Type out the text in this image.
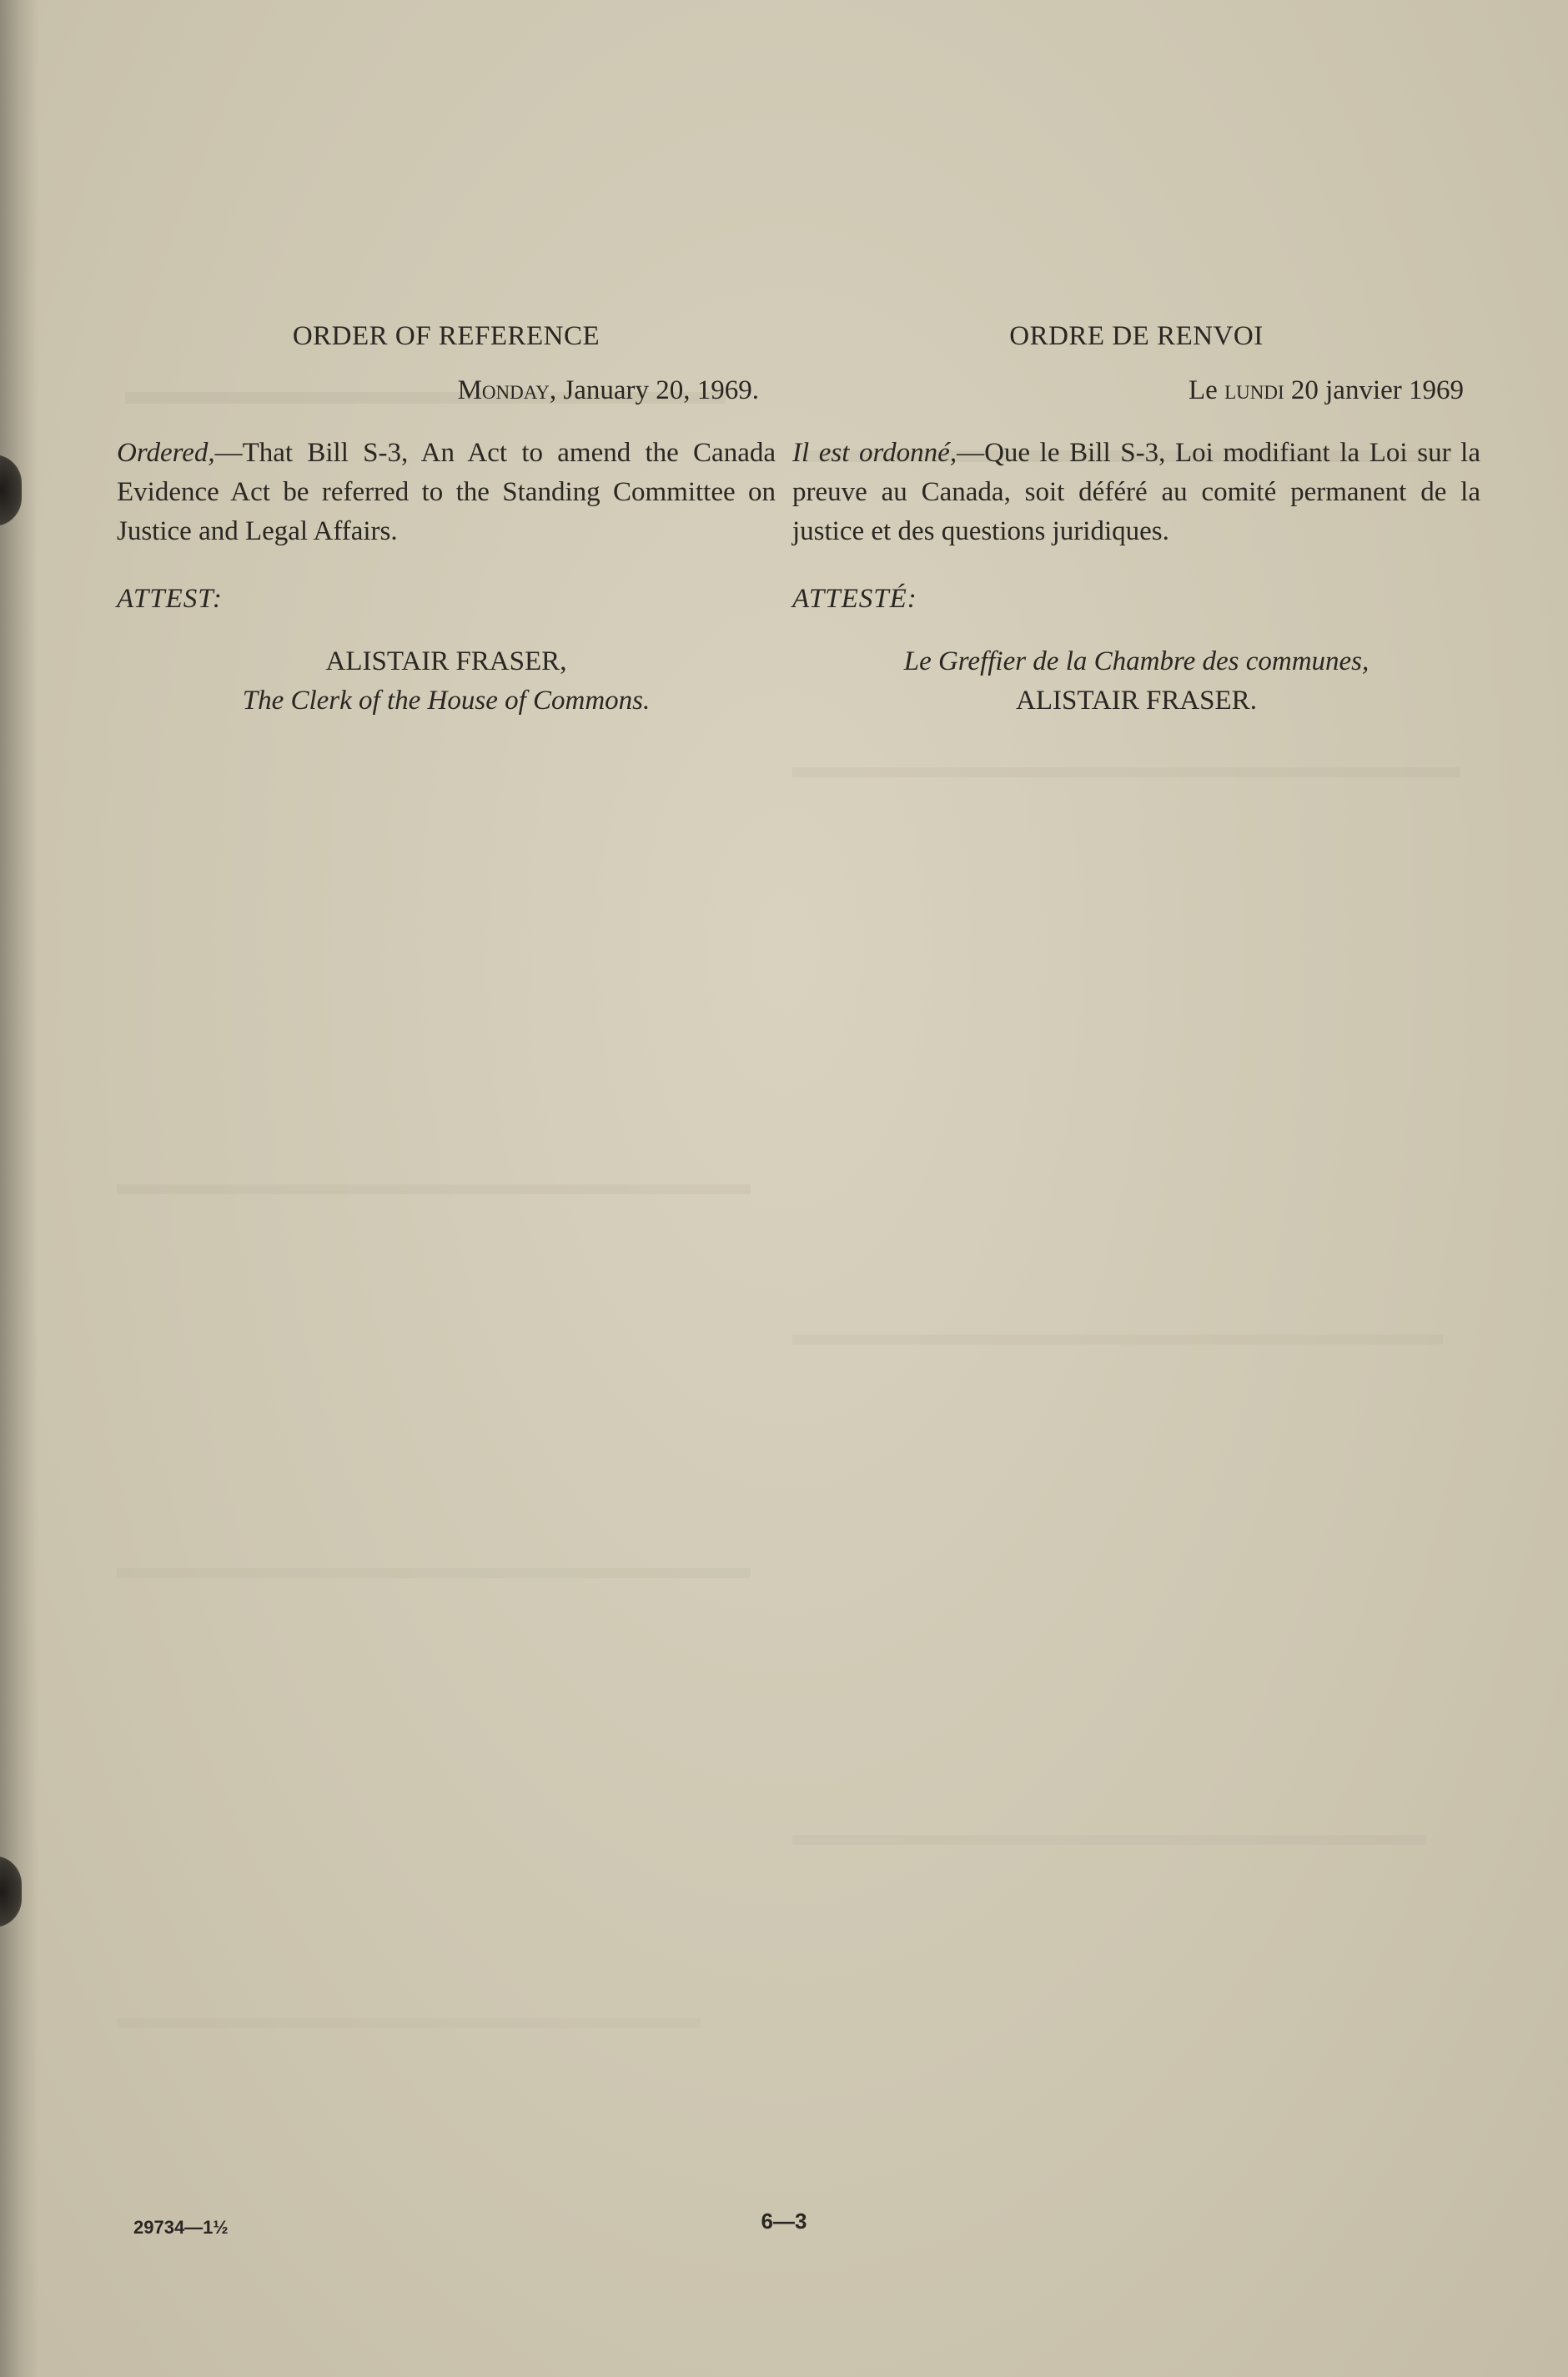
ORDER OF REFERENCE

Monday, January 20, 1969.

Ordered,—That Bill S-3, An Act to amend the Canada Evidence Act be referred to the Standing Committee on Justice and Legal Affairs.

ATTEST:

ALISTAIR FRASER,

The Clerk of the House of Commons.

ORDRE DE RENVOI

Le lundi 20 janvier 1969

Il est ordonné,—Que le Bill S-3, Loi modifiant la Loi sur la preuve au Canada, soit déféré au comité permanent de la justice et des questions juridiques.

ATTESTÉ:

Le Greffier de la Chambre des communes,

ALISTAIR FRASER.

6—3
29734—1½
